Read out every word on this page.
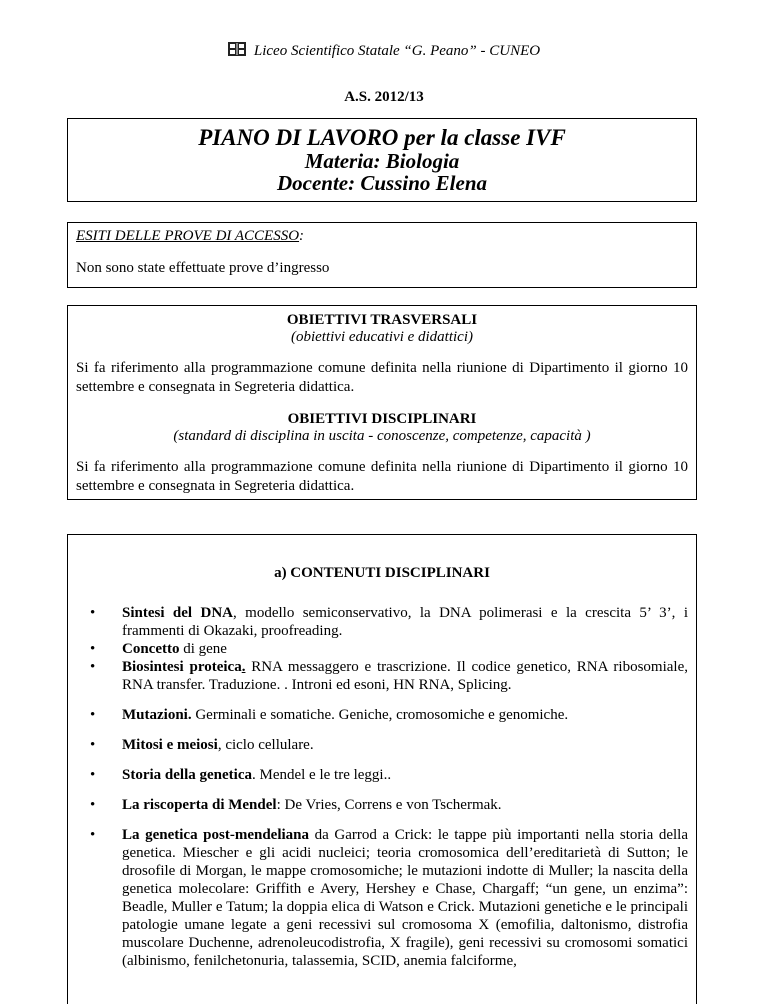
Liceo Scientifico Statale “G. Peano” - CUNEO
A.S. 2012/13
PIANO DI LAVORO per la classe IVF
Materia: Biologia
Docente: Cussino Elena
ESITI DELLE PROVE DI ACCESSO:

Non sono state effettuate prove d’ingresso

OBIETTIVI TRASVERSALI
(obiettivi educativi e didattici)

Si fa riferimento alla programmazione comune definita nella riunione di Dipartimento il giorno 10 settembre e consegnata in Segreteria didattica.

OBIETTIVI DISCIPLINARI
(standard di disciplina in uscita - conoscenze, competenze, capacità )

Si fa riferimento alla programmazione comune definita nella riunione di Dipartimento il giorno 10 settembre e consegnata in Segreteria didattica.

a) CONTENUTI DISCIPLINARI
• Sintesi del DNA, modello semiconservativo, la DNA polimerasi e la crescita 5’ 3’, i frammenti di Okazaki, proofreading.
• Concetto di gene
• Biosintesi proteica. RNA messaggero e trascrizione. Il codice genetico, RNA ribosomiale, RNA transfer. Traduzione. . Introni ed esoni, HN RNA, Splicing.
• Mutazioni. Germinali e somatiche. Geniche, cromosomiche e genomiche.
• Mitosi e meiosi, ciclo cellulare.
• Storia della genetica. Mendel e le tre leggi..
• La riscoperta di Mendel: De Vries, Correns e von Tschermak.
• La genetica post-mendeliana da Garrod a Crick: le tappe più importanti nella storia della genetica. Miescher e gli acidi nucleici; teoria cromosomica dell’ereditarietà di Sutton; le drosofile di Morgan, le mappe cromosomiche; le mutazioni indotte di Muller; la nascita della genetica molecolare: Griffith e Avery, Hershey e Chase, Chargaff; “un gene, un enzima”: Beadle, Muller e Tatum; la doppia elica di Watson e Crick. Mutazioni genetiche e le principali patologie umane legate a geni recessivi sul cromosoma X (emofilia, daltonismo, distrofia muscolare Duchenne, adrenoleucodistrofia, X fragile), geni recessivi su cromosomi somatici (albinismo, fenilchetonuria, talassemia, SCID, anemia falciforme,
